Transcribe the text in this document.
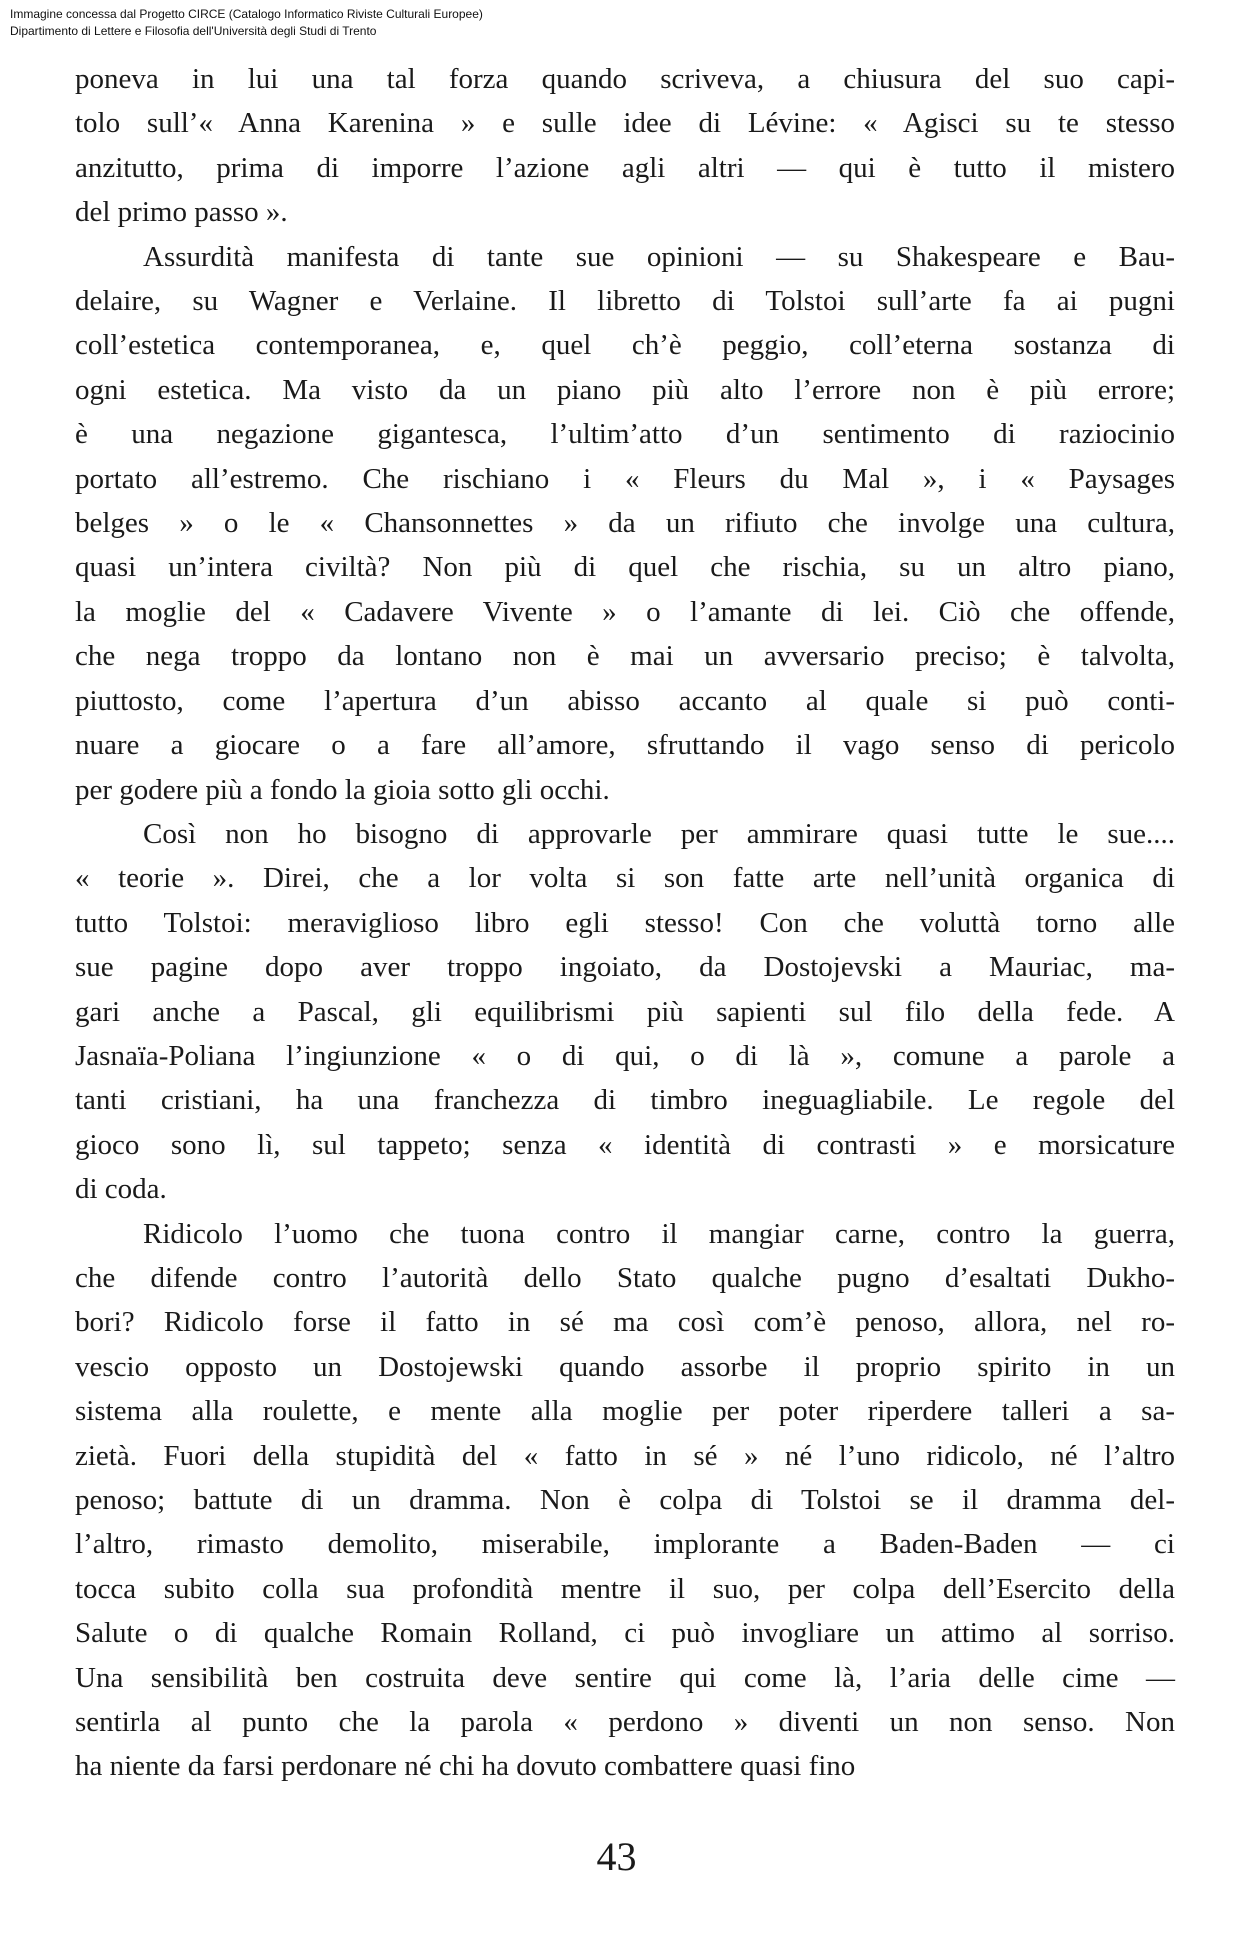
Immagine concessa dal Progetto CIRCE (Catalogo Informatico Riviste Culturali Europee)
Dipartimento di Lettere e Filosofia dell'Università degli Studi di Trento
poneva in lui una tal forza quando scriveva, a chiusura del suo capi-
tolo sull’« Anna Karenina » e sulle idee di Lévine: « Agisci su te stesso
anzitutto, prima di imporre l’azione agli altri — qui è tutto il mistero
del primo passo ».
Assurdità manifesta di tante sue opinioni — su Shakespeare e Bau-
delaire, su Wagner e Verlaine. Il libretto di Tolstoi sull’arte fa ai pugni
coll’estetica contemporanea, e, quel ch’è peggio, coll’eterna sostanza di
ogni estetica. Ma visto da un piano più alto l’errore non è più errore;
è una negazione gigantesca, l’ultim’atto d’un sentimento di raziocinio
portato all’estremo. Che rischiano i « Fleurs du Mal », i « Paysages
belges » o le « Chansonnettes » da un rifiuto che involge una cultura,
quasi un’intera civiltà? Non più di quel che rischia, su un altro piano,
la moglie del « Cadavere Vivente » o l’amante di lei. Ciò che offende,
che nega troppo da lontano non è mai un avversario preciso; è talvolta,
piuttosto, come l’apertura d’un abisso accanto al quale si può conti-
nuare a giocare o a fare all’amore, sfruttando il vago senso di pericolo
per godere più a fondo la gioia sotto gli occhi.
Così non ho bisogno di approvarle per ammirare quasi tutte le sue....
« teorie ». Direi, che a lor volta si son fatte arte nell’unità organica di
tutto Tolstoi: meraviglioso libro egli stesso! Con che voluttà torno alle
sue pagine dopo aver troppo ingoiato, da Dostojevski a Mauriac, ma-
gari anche a Pascal, gli equilibrismi più sapienti sul filo della fede. A
Jasnaïa-Poliana l’ingiunzione « o di qui, o di là », comune a parole a
tanti cristiani, ha una franchezza di timbro ineguagliabile. Le regole del
gioco sono lì, sul tappeto; senza « identità di contrasti » e morsicature
di coda.
Ridicolo l’uomo che tuona contro il mangiar carne, contro la guerra,
che difende contro l’autorità dello Stato qualche pugno d’esaltati Dukho-
bori? Ridicolo forse il fatto in sé ma così com’è penoso, allora, nel ro-
vescio opposto un Dostojewski quando assorbe il proprio spirito in un
sistema alla roulette, e mente alla moglie per poter riperdere talleri a sa-
zietà. Fuori della stupidità del « fatto in sé » né l’uno ridicolo, né l’altro
penoso; battute di un dramma. Non è colpa di Tolstoi se il dramma del-
l’altro, rimasto demolito, miserabile, implorante a Baden-Baden — ci
tocca subito colla sua profondità mentre il suo, per colpa dell’Esercito della
Salute o di qualche Romain Rolland, ci può invogliare un attimo al sorriso.
Una sensibilità ben costruita deve sentire qui come là, l’aria delle cime —
sentirla al punto che la parola « perdono » diventi un non senso. Non
ha niente da farsi perdonare né chi ha dovuto combattere quasi fino
43
